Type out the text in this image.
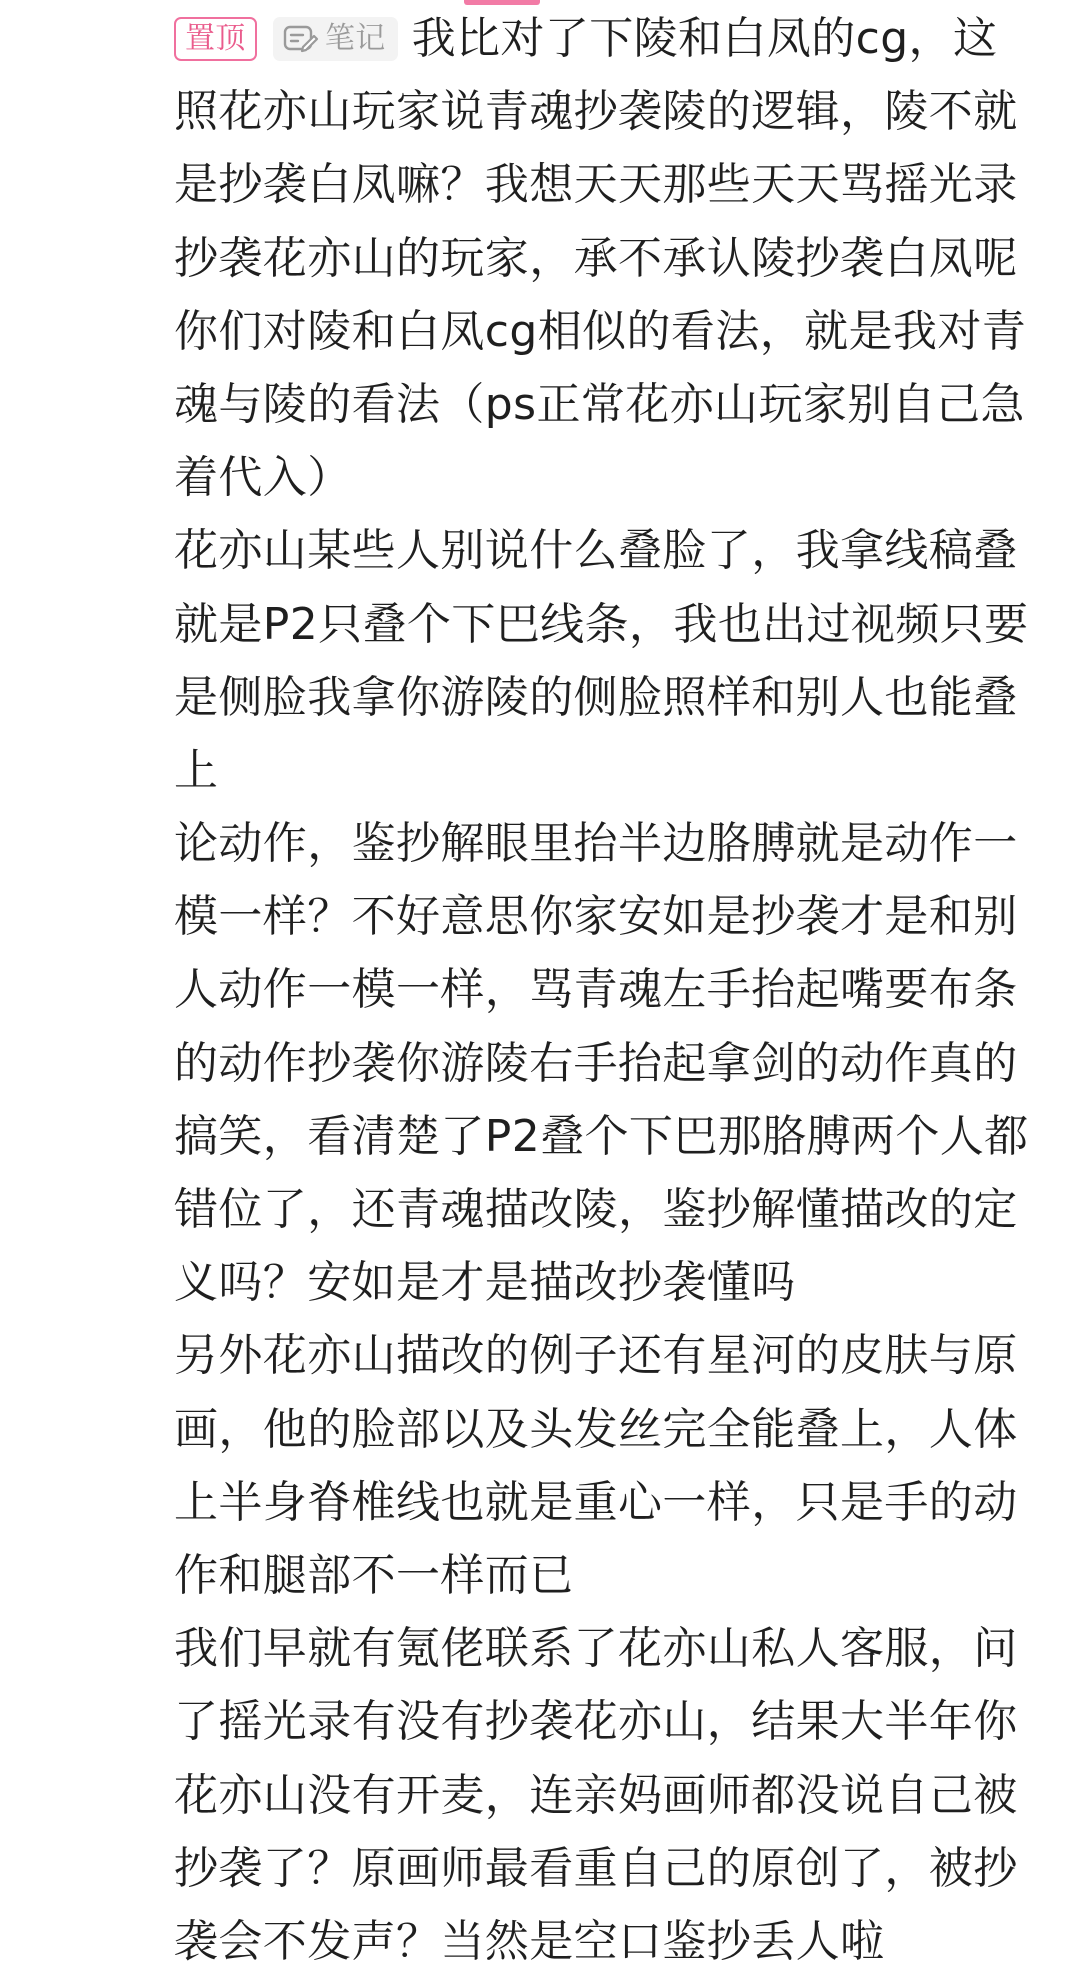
置顶	笔记 我比对了下陵和白凤的cg，这
照花亦山玩家说青魂抄袭陵的逻辑，陵不就
是抄袭白凤嘛？我想天天那些天天骂摇光录
抄袭花亦山的玩家，承不承认陵抄袭白凤呢
你们对陵和白凤cg相似的看法，就是我对青
魂与陵的看法（ps正常花亦山玩家别自己急
着代入）
花亦山某些人别说什么叠脸了，我拿线稿叠
就是P2只叠个下巴线条，我也出过视频只要
是侧脸我拿你游陵的侧脸照样和别人也能叠
上
论动作，鉴抄解眼里抬半边胳膊就是动作一
模一样？不好意思你家安如是抄袭才是和别
人动作一模一样，骂青魂左手抬起嘴要布条
的动作抄袭你游陵右手抬起拿剑的动作真的
搞笑，看清楚了P2叠个下巴那胳膊两个人都
错位了，还青魂描改陵，鉴抄解懂描改的定
义吗？安如是才是描改抄袭懂吗
另外花亦山描改的例子还有星河的皮肤与原
画，他的脸部以及头发丝完全能叠上，人体
上半身脊椎线也就是重心一样，只是手的动
作和腿部不一样而已
我们早就有氪佬联系了花亦山私人客服，问
了摇光录有没有抄袭花亦山，结果大半年你
花亦山没有开麦，连亲妈画师都没说自己被
抄袭了？原画师最看重自己的原创了，被抄
袭会不发声？当然是空口鉴抄丢人啦
